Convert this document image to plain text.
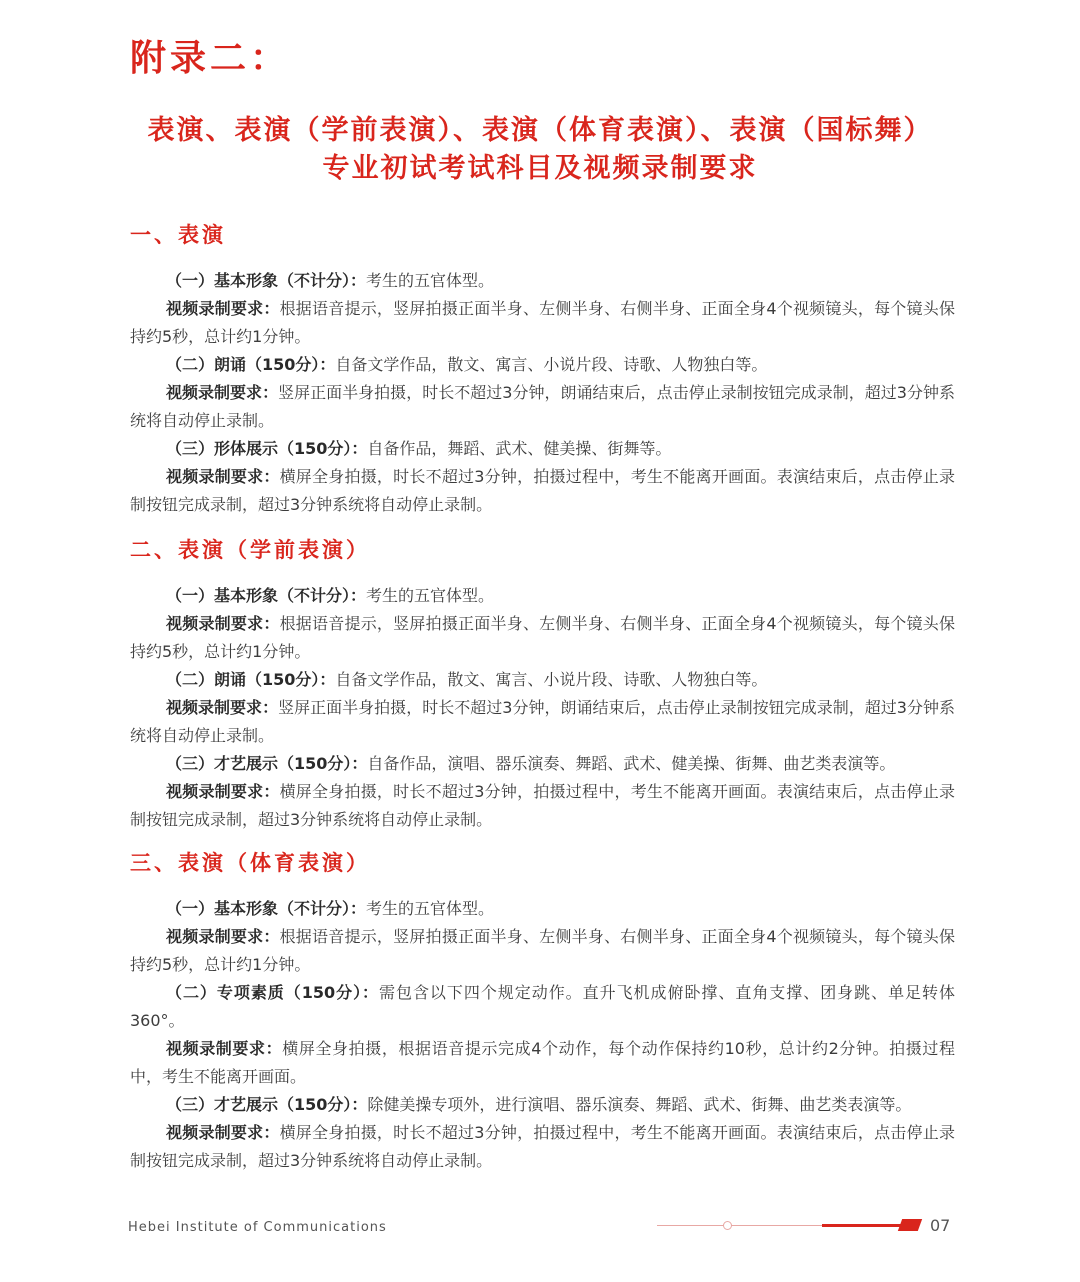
附录二：
表演、表演（学前表演）、表演（体育表演）、表演（国标舞）
专业初试考试科目及视频录制要求
一、表演

（一）基本形象（不计分）：考生的五官体型。

视频录制要求：根据语音提示，竖屏拍摄正面半身、左侧半身、右侧半身、正面全身4个视频镜头，每个镜头保持约5秒，总计约1分钟。

（二）朗诵（150分）：自备文学作品，散文、寓言、小说片段、诗歌、人物独白等。

视频录制要求：竖屏正面半身拍摄，时长不超过3分钟，朗诵结束后，点击停止录制按钮完成录制，超过3分钟系统将自动停止录制。

（三）形体展示（150分）：自备作品，舞蹈、武术、健美操、街舞等。

视频录制要求：横屏全身拍摄，时长不超过3分钟，拍摄过程中，考生不能离开画面。表演结束后，点击停止录制按钮完成录制，超过3分钟系统将自动停止录制。

二、表演（学前表演）

（一）基本形象（不计分）：考生的五官体型。

视频录制要求：根据语音提示，竖屏拍摄正面半身、左侧半身、右侧半身、正面全身4个视频镜头，每个镜头保持约5秒，总计约1分钟。

（二）朗诵（150分）：自备文学作品，散文、寓言、小说片段、诗歌、人物独白等。

视频录制要求：竖屏正面半身拍摄，时长不超过3分钟，朗诵结束后，点击停止录制按钮完成录制，超过3分钟系统将自动停止录制。

（三）才艺展示（150分）：自备作品，演唱、器乐演奏、舞蹈、武术、健美操、街舞、曲艺类表演等。

视频录制要求：横屏全身拍摄，时长不超过3分钟，拍摄过程中，考生不能离开画面。表演结束后，点击停止录制按钮完成录制，超过3分钟系统将自动停止录制。

三、表演（体育表演）

（一）基本形象（不计分）：考生的五官体型。

视频录制要求：根据语音提示，竖屏拍摄正面半身、左侧半身、右侧半身、正面全身4个视频镜头，每个镜头保持约5秒，总计约1分钟。

（二）专项素质（150分）：需包含以下四个规定动作。直升飞机成俯卧撑、直角支撑、团身跳、单足转体360°。

视频录制要求：横屏全身拍摄，根据语音提示完成4个动作，每个动作保持约10秒，总计约2分钟。拍摄过程中，考生不能离开画面。

（三）才艺展示（150分）：除健美操专项外，进行演唱、器乐演奏、舞蹈、武术、街舞、曲艺类表演等。

视频录制要求：横屏全身拍摄，时长不超过3分钟，拍摄过程中，考生不能离开画面。表演结束后，点击停止录制按钮完成录制，超过3分钟系统将自动停止录制。

Hebei Institute of Communications	07
